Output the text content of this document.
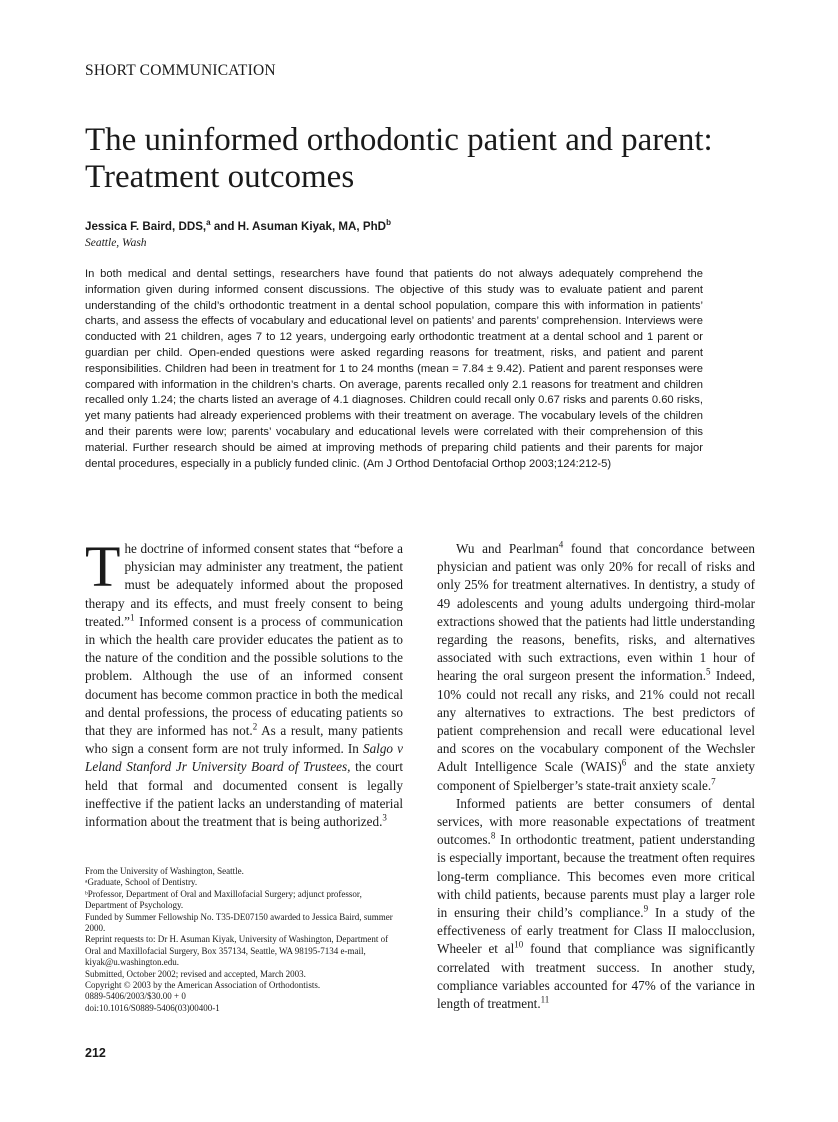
SHORT COMMUNICATION
The uninformed orthodontic patient and parent:
Treatment outcomes
Jessica F. Baird, DDS,$^a$ and H. Asuman Kiyak, MA, PhD$^b$
Seattle, Wash

In both medical and dental settings, researchers have found that patients do not always adequately comprehend the information given during informed consent discussions. The objective of this study was to evaluate patient and parent understanding of the child’s orthodontic treatment in a dental school population, compare this with information in patients’ charts, and assess the effects of vocabulary and educational level on patients’ and parents’ comprehension. Interviews were conducted with 21 children, ages 7 to 12 years, undergoing early orthodontic treatment at a dental school and 1 parent or guardian per child. Open-ended questions were asked regarding reasons for treatment, risks, and patient and parent responsibilities. Children had been in treatment for 1 to 24 months (mean = 7.84 ± 9.42). Patient and parent responses were compared with information in the children’s charts. On average, parents recalled only 2.1 reasons for treatment and children recalled only 1.24; the charts listed an average of 4.1 diagnoses. Children could recall only 0.67 risks and parents 0.60 risks, yet many patients had already experienced problems with their treatment on average. The vocabulary levels of the children and their parents were low; parents’ vocabulary and educational levels were correlated with their comprehension of this material. Further research should be aimed at improving methods of preparing child patients and their parents for major dental procedures, especially in a publicly funded clinic. (Am J Orthod Dentofacial Orthop 2003;124:212-5)

The doctrine of informed consent states that “before a physician may administer any treatment, the patient must be adequately informed about the proposed therapy and its effects, and must freely consent to being treated.”$^1$ Informed consent is a process of communication in which the health care provider educates the patient as to the nature of the condition and the possible solutions to the problem. Although the use of an informed consent document has become common practice in both the medical and dental professions, the process of educating patients so that they are informed has not.$^2$ As a result, many patients who sign a consent form are not truly informed. In Salgo v Leland Stanford Jr University Board of Trustees, the court held that formal and documented consent is legally ineffective if the patient lacks an understanding of material information about the treatment that is being authorized.$^3$

Wu and Pearlman$^4$ found that concordance between physician and patient was only 20% for recall of risks and only 25% for treatment alternatives. In dentistry, a study of 49 adolescents and young adults undergoing third-molar extractions showed that the patients had little understanding regarding the reasons, benefits, risks, and alternatives associated with such extractions, even within 1 hour of hearing the oral surgeon present the information.$^5$ Indeed, 10% could not recall any risks, and 21% could not recall any alternatives to extractions. The best predictors of patient comprehension and recall were educational level and scores on the vocabulary component of the Wechsler Adult Intelligence Scale (WAIS)$^6$ and the state anxiety component of Spielberger’s state-trait anxiety scale.$^7$

Informed patients are better consumers of dental services, with more reasonable expectations of treatment outcomes.$^8$ In orthodontic treatment, patient understanding is especially important, because the treatment often requires long-term compliance. This becomes even more critical with child patients, because parents must play a larger role in ensuring their child’s compliance.$^9$ In a study of the effectiveness of early treatment for Class II malocclusion, Wheeler et $al^{10}$ found that compliance was significantly correlated with treatment success. In another study, compliance variables accounted for 47% of the variance in length of treatment.$^{11}$

From the University of Washington, Seattle.

ᵃGraduate, School of Dentistry.

ᵇProfessor, Department of Oral and Maxillofacial Surgery; adjunct professor, Department of Psychology.

Funded by Summer Fellowship No. T35-DE07150 awarded to Jessica Baird, summer 2000.

Reprint requests to: Dr H. Asuman Kiyak, University of Washington, Department of Oral and Maxillofacial Surgery, Box 357134, Seattle, WA 98195-7134 e-mail, kiyak@u.washington.edu.

Submitted, October 2002; revised and accepted, March 2003.

Copyright © 2003 by the American Association of Orthodontists.

0889-5406/2003/$30.00 + 0

doi:10.1016/S0889-5406(03)00400-1

212
